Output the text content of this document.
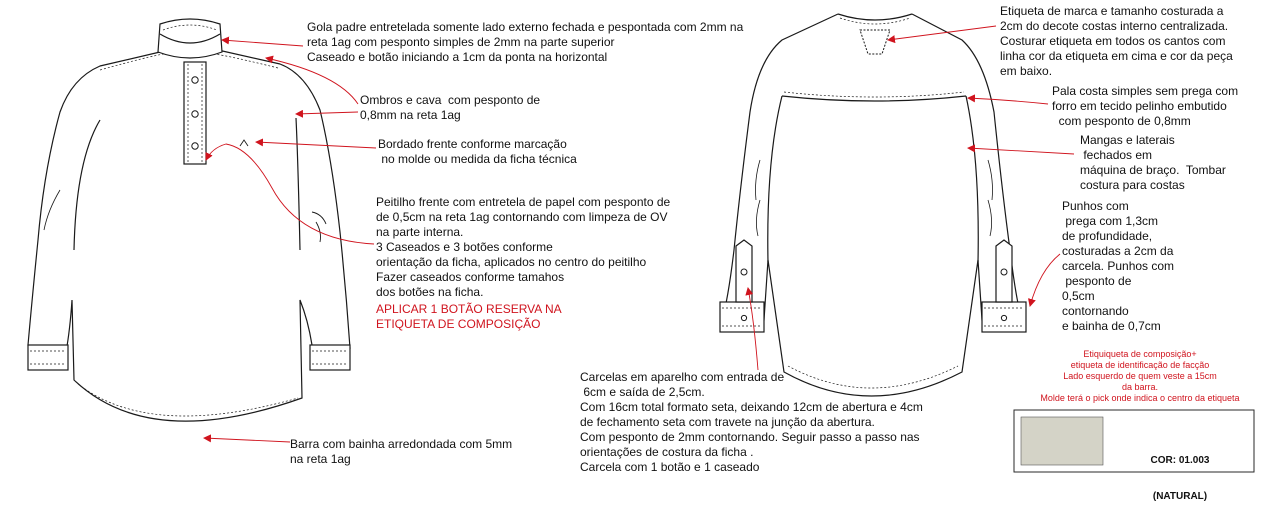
Gola padre entretelada somente lado externo fechada e pespontada com 2mm na
reta 1ag com pesponto simples de 2mm na parte superior
Caseado e botão iniciando a 1cm da ponta na horizontal

Ombros e cava  com pesponto de
0,8mm na reta 1ag

Bordado frente conforme marcação
no molde ou medida da ficha técnica

Peitilho frente com entretela de papel com pesponto de
de 0,5cm na reta 1ag contornando com limpeza de OV
na parte interna.

3 Caseados e 3 botões conforme
orientação da ficha, aplicados no centro do peitilho
Fazer caseados conforme tamahos
dos botões na ficha.

APLICAR 1 BOTÃO RESERVA NA
ETIQUETA DE COMPOSIÇÃO

Barra com bainha arredondada com 5mm
na reta 1ag

Etiqueta de marca e tamanho costurada a
2cm do decote costas interno centralizada.
Costurar etiqueta em todos os cantos com
linha cor da etiqueta em cima e cor da peça
em baixo.

Pala costa simples sem prega com
forro em tecido pelinho embutido
com pesponto de 0,8mm

Mangas e laterais
fechados em
máquina de braço.  Tombar
costura para costas

Punhos com
prega com 1,3cm
de profundidade,
costuradas a 2cm da
carcela. Punhos com
pesponto de
0,5cm
contornando
e bainha de 0,7cm

Carcelas em aparelho com entrada de
6cm e saída de 2,5cm.
Com 16cm total formato seta, deixando 12cm de abertura e 4cm
de fechamento seta com travete na junção da abertura.
Com pesponto de 2mm contornando. Seguir passo a passo nas
orientações de costura da ficha .
Carcela com 1 botão e 1 caseado

Etiquiqueta de composição+
etiqueta de identificação de facção
Lado esquerdo de quem veste a 15cm
da barra.
Molde terá o pick onde indica o centro da etiqueta

COR: 01.003

(NATURAL)
